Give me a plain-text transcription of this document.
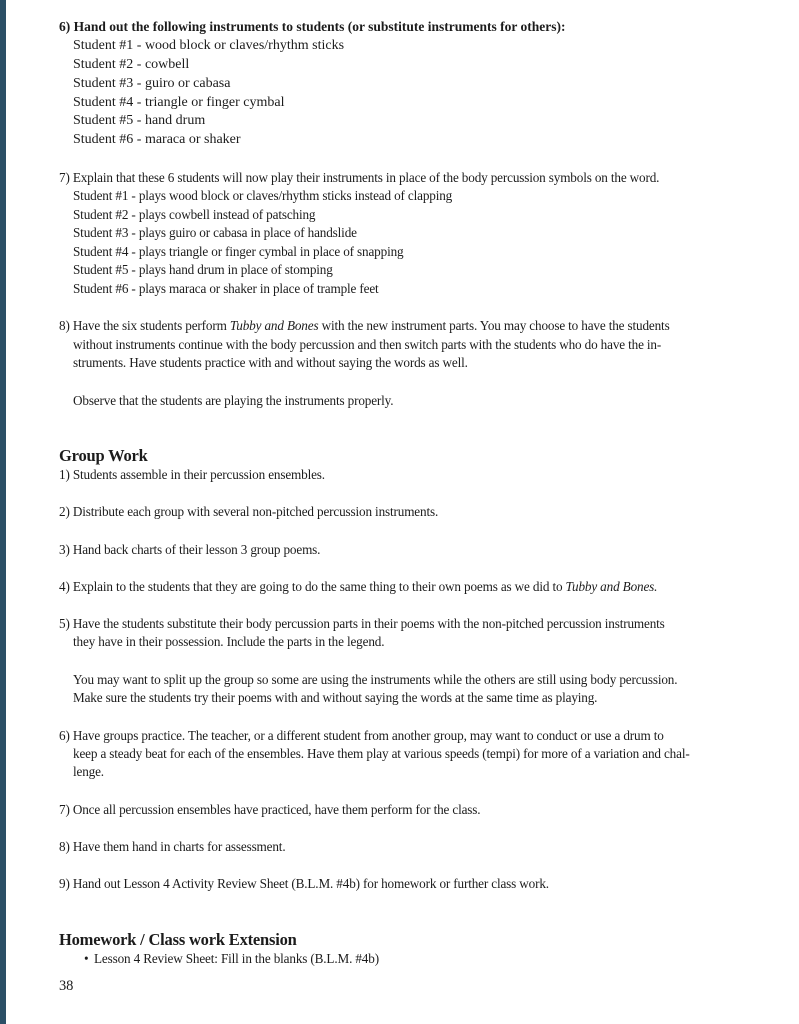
6) Hand out the following instruments to students (or substitute instruments for others):
Student #1 - wood block or claves/rhythm sticks
Student #2 - cowbell
Student #3 - guiro or cabasa
Student #4 - triangle or finger cymbal
Student #5 - hand drum
Student #6 - maraca or shaker
7) Explain that these 6 students will now play their instruments in place of the body percussion symbols on the word.
Student #1 - plays wood block or claves/rhythm sticks instead of clapping
Student #2 - plays cowbell instead of patsching
Student #3 - plays guiro or cabasa in place of handslide
Student #4 - plays triangle or finger cymbal in place of snapping
Student #5 - plays hand drum in place of stomping
Student #6 - plays maraca or shaker in place of trample feet
8) Have the six students perform Tubby and Bones with the new instrument parts. You may choose to have the students
without instruments continue with the body percussion and then switch parts with the students who do have the in-
struments. Have students practice with and without saying the words as well.
Observe that the students are playing the instruments properly.
Group Work
1) Students assemble in their percussion ensembles.
2) Distribute each group with several non-pitched percussion instruments.
3) Hand back charts of their lesson 3 group poems.
4) Explain to the students that they are going to do the same thing to their own poems as we did to Tubby and Bones.
5) Have the students substitute their body percussion parts in their poems with the non-pitched percussion instruments
they have in their possession. Include the parts in the legend.
You may want to split up the group so some are using the instruments while the others are still using body percussion.
Make sure the students try their poems with and without saying the words at the same time as playing.
6) Have groups practice. The teacher, or a different student from another group, may want to conduct or use a drum to
keep a steady beat for each of the ensembles. Have them play at various speeds (tempi) for more of a variation and chal-
lenge.
7) Once all percussion ensembles have practiced, have them perform for the class.
8) Have them hand in charts for assessment.
9) Hand out Lesson 4 Activity Review Sheet (B.L.M. #4b) for homework or further class work.
Homework / Class work Extension
• Lesson 4 Review Sheet: Fill in the blanks (B.L.M. #4b)
38
